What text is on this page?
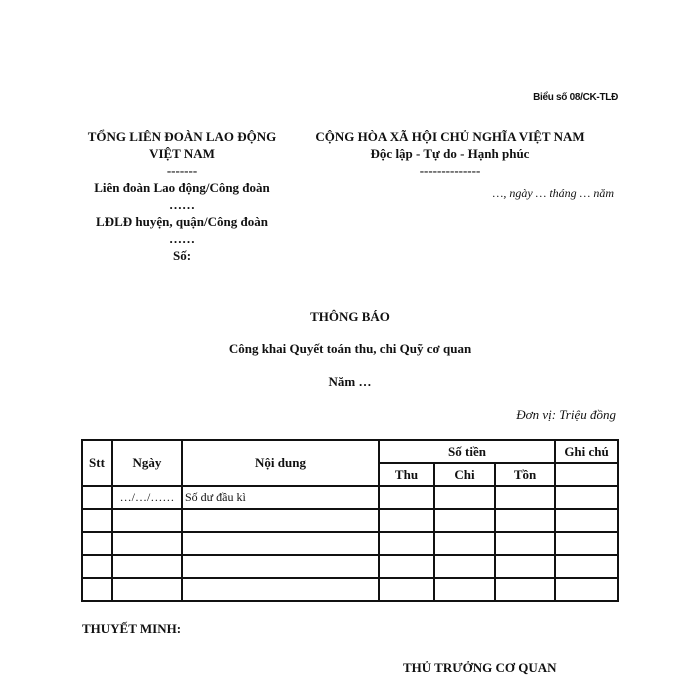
Biểu số 08/CK-TLĐ
TỔNG LIÊN ĐOÀN LAO ĐỘNG
VIỆT NAM
-------
Liên đoàn Lao động/Công đoàn
……
LĐLĐ huyện, quận/Công đoàn
……
Số:
CỘNG HÒA XÃ HỘI CHỦ NGHĨA VIỆT NAM
Độc lập - Tự do - Hạnh phúc
--------------
…, ngày … tháng … năm
THÔNG BÁO
Công khai Quyết toán thu, chi Quỹ cơ quan
Năm …
Đơn vị: Triệu đồng
Stt	Ngày	Nội dung	Số tiền			Ghi chú
			Thu	Chi	Tồn	
	…/…/……	Số dư đầu kì				

THUYẾT MINH:
THỦ TRƯỞNG CƠ QUAN
